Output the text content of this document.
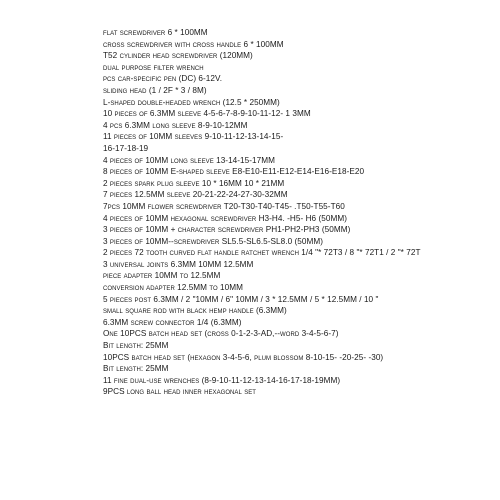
flat screwdriver 6 * 100MM
cross screwdriver with cross handle 6 * 100MM
T52 cylinder head screwdriver (120MM)
dual purpose filter wrench
pcs car-specific pen (DC) 6-12V.
sliding head (1 / 2F * 3 / 8M)
L-shaped double-headed wrench (12.5 * 250MM)
10 pieces of 6.3MM sleeve 4-5-6-7-8-9-10-11-12- 1 3MM
4 pcs 6.3MM long sleeve 8-9-10-12MM
11 pieces of 10MM sleeves 9-10-11-12-13-14-15-
16-17-18-19
4 pieces of 10MM long sleeve 13-14-15-17MM
8 pieces of 10MM E-shaped sleeve E8-E10-E11-E12-E14-E16-E18-E20
2 pieces spark plug sleeve 10 * 16MM 10 * 21MM
7 pieces 12.5MM sleeve 20-21-22-24-27-30-32MM
7pcs 10MM flower screwdriver T20-T30-T40-T45- .T50-T55-T60
4 pieces of 10MM hexagonal screwdriver H3-H4. -H5- H6 (50MM)
3 pieces of 10MM + character screwdriver PH1-PH2-PH3 (50MM)
3 pieces of 10MM--screwdriver SL5.5-SL6.5-SL8.0 (50MM)
2 pieces 72 tooth curved flat handle ratchet wrench 1/4 "* 72T3 / 8 "* 72T1 / 2 "* 72T
3 universal joints 6.3MM 10MM 12.5MM
piece adapter 10MM to 12.5MM
conversion adapter 12.5MM to 10MM
5 pieces post 6.3MM / 2 "10MM / 6" 10MM / 3 * 12.5MM / 5 * 12.5MM / 10 "
small square rod with black hemp handle (6.3MM)
6.3MM screw connector 1/4 (6.3MM)
One 10PCS batch head set (cross 0-1-2-3-AD,--word 3-4-5-6-7)
Bit length: 25MM
10PCS batch head set (hexagon 3-4-5-6, plum blossom 8-10-15- -20-25- -30)
Bit length: 25MM
11 fine dual-use wrenches (8-9-10-11-12-13-14-16-17-18-19MM)
9PCS long ball head inner hexagonal set
